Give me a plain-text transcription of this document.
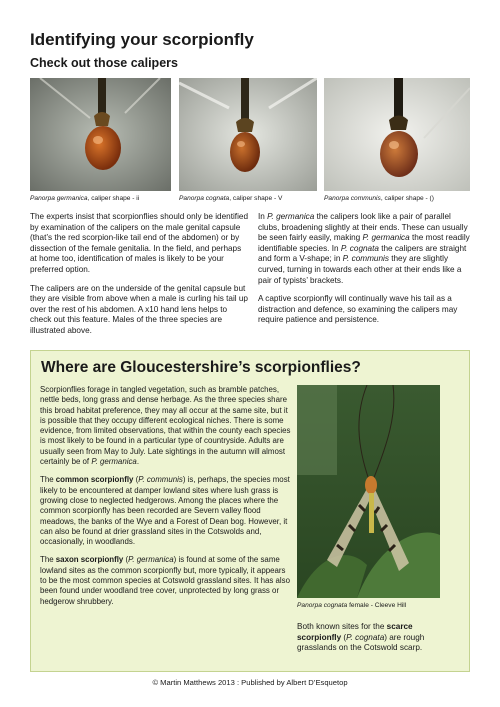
Identifying your scorpionfly
Check out those calipers
Panorpa germanica, caliper shape - ii	Panorpa cognata, caliper shape - V	Panorpa communis, caliper shape - ()

The experts insist that scorpionflies should only be identified by examination of the calipers on the male genital capsule (that’s the red scorpion-like tail end of the abdomen) or by dissection of the female genitalia. In the field, and perhaps at home too, identification of males is likely to be your preferred option.

The calipers are on the underside of the genital capsule but they are visible from above when a male is curling his tail up over the rest of his abdomen. A x10 hand lens helps to check out this feature. Males of the three species are illustrated above.

In P. germanica the calipers look like a pair of parallel clubs, broadening slightly at their ends. These can usually be seen fairly easily, making P. germanica the most readily identifiable species. In P. cognata the calipers are straight and form a V-shape; in P. communis they are slightly curved, turning in towards each other at their ends like a pair of typists’ brackets.

A captive scorpionfly will continually wave his tail as a distraction and defence, so examining the calipers may require patience and persistence.

Where are Gloucestershire’s scorpionflies?

Scorpionflies forage in tangled vegetation, such as bramble patches, nettle beds, long grass and dense herbage. As the three species share this broad habitat preference, they may all occur at the same site, but it is possible that they occupy different ecological niches. There is some evidence, from limited observations, that within the county each species is most likely to be found in a particular type of countryside. Adults are usually seen from May to July. Late sightings in the autumn will almost certainly be of P. germanica.

The common scorpionfly (P. communis) is, perhaps, the species most likely to be encountered at damper lowland sites where lush grass is growing close to neglected hedgerows. Among the places where the common scorpionfly has been recorded are Severn valley flood meadows, the banks of the Wye and a Forest of Dean bog. However, it can also be found at drier grassland sites in the Cotswolds and, occasionally, in woodlands.

The saxon scorpionfly (P. germanica) is found at some of the same lowland sites as the common scorpionfly but, more typically, it appears to be the most common species at Cotswold grassland sites. It has also been found under woodland tree cover, unprotected by long grass or hedgerow shrubbery.	Panorpa cognata female - Cleeve Hill
Both known sites for the scarce scorpionfly (P. cognata) are rough grasslands on the Cotswold scarp.
© Martin Matthews 2013 : Published by Albert D’Esquetop
